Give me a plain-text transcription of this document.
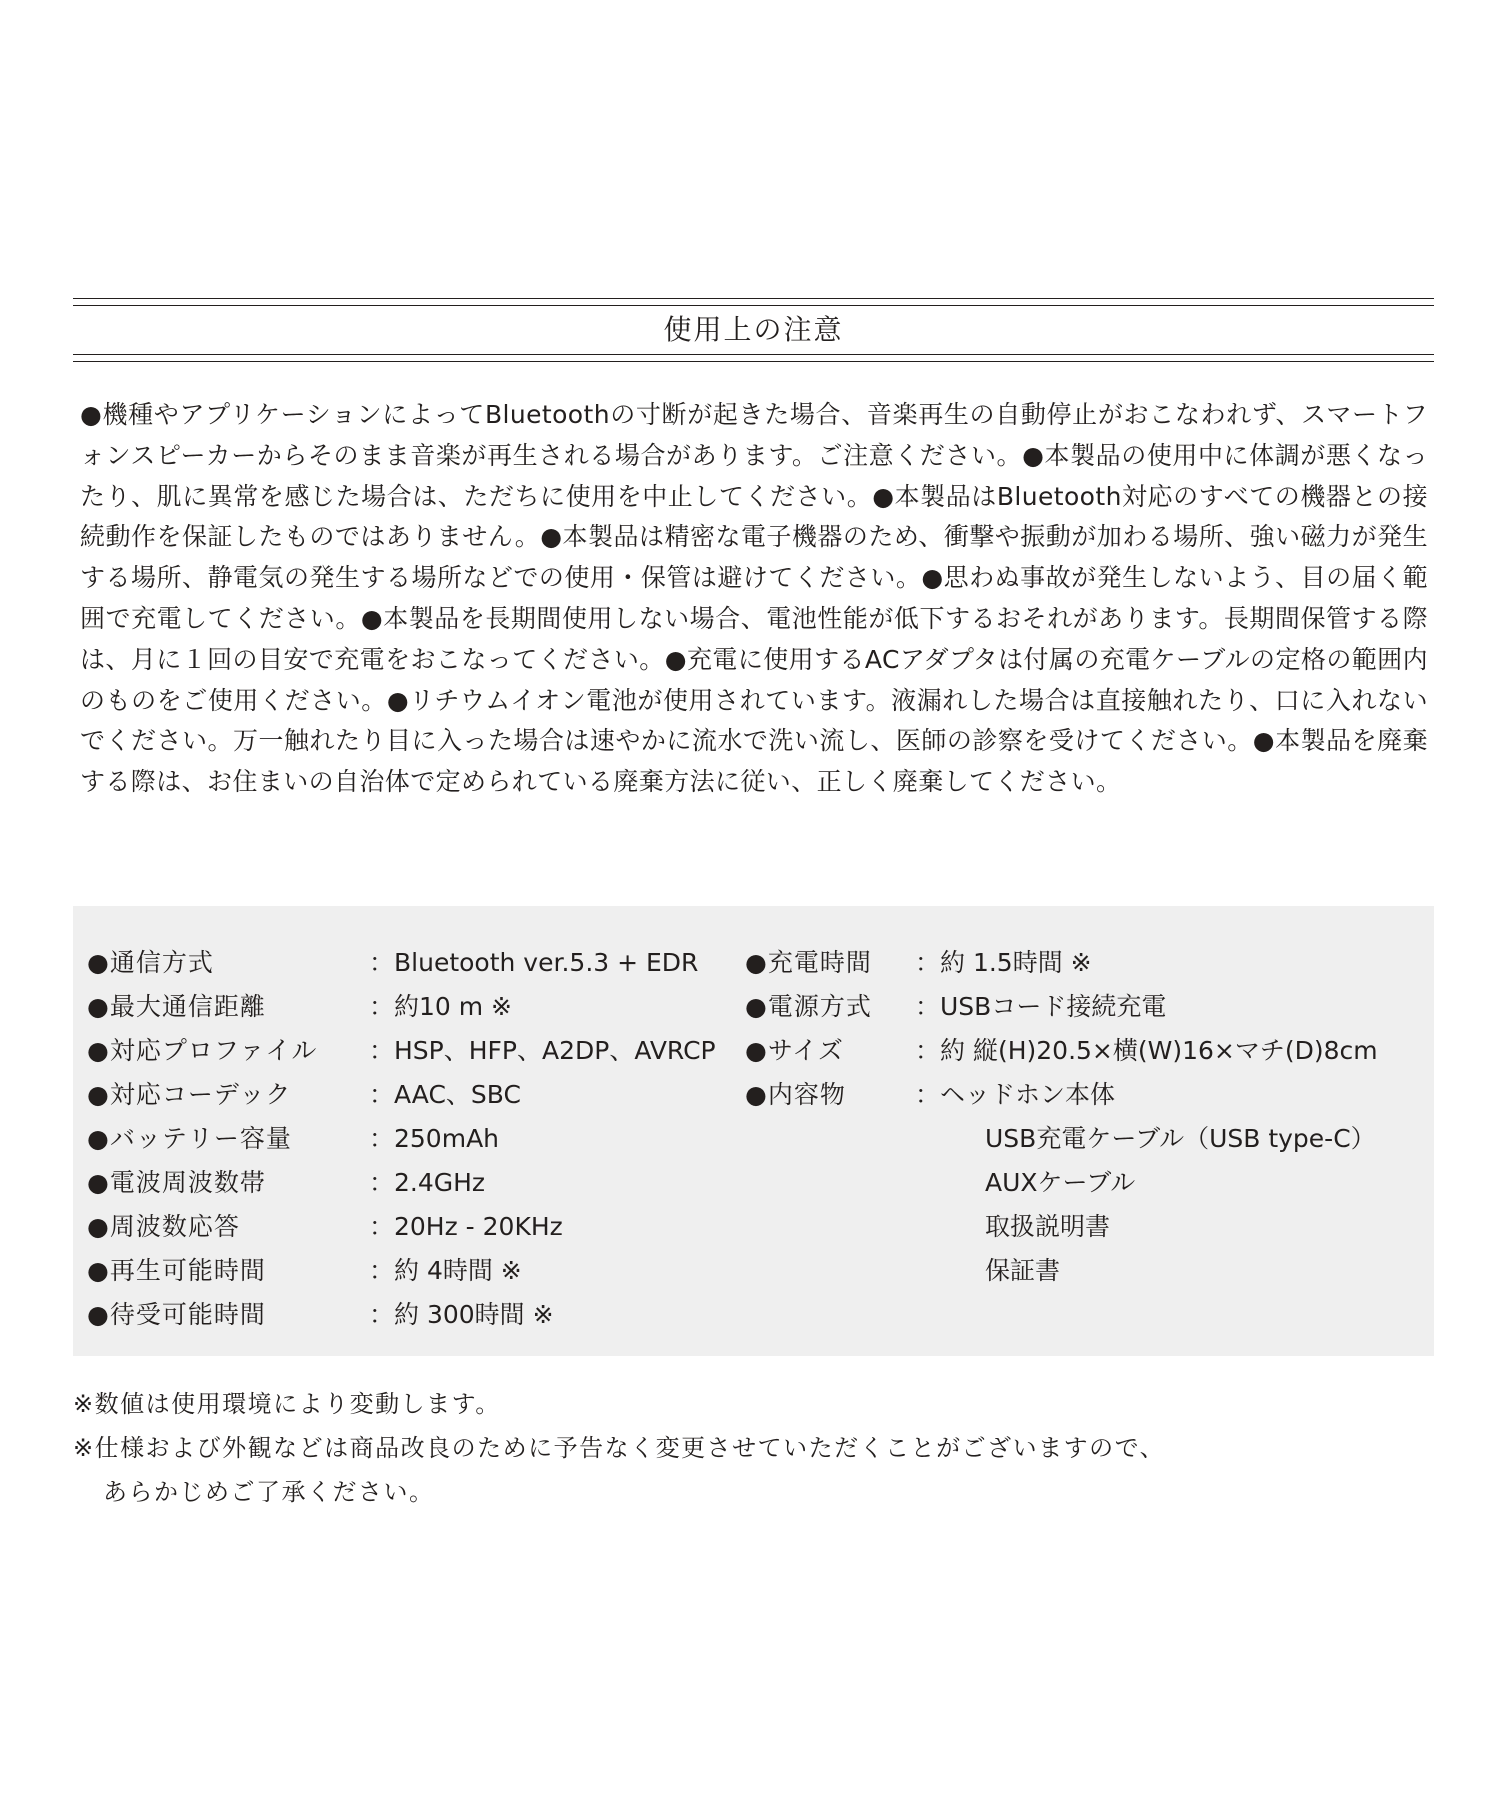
使用上の注意
●機種やアプリケーションによってBluetoothの寸断が起きた場合、音楽再生の自動停止がおこなわれず、スマートフォンスピーカーからそのまま音楽が再生される場合があります。ご注意ください。●本製品の使用中に体調が悪くなったり、肌に異常を感じた場合は、ただちに使用を中止してください。●本製品はBluetooth対応のすべての機器との接続動作を保証したものではありません。●本製品は精密な電子機器のため、衝撃や振動が加わる場所、強い磁力が発生する場所、静電気の発生する場所などでの使用・保管は避けてください。●思わぬ事故が発生しないよう、目の届く範囲で充電してください。●本製品を長期間使用しない場合、電池性能が低下するおそれがあります。長期間保管する際は、月に１回の目安で充電をおこなってください。●充電に使用するACアダプタは付属の充電ケーブルの定格の範囲内のものをご使用ください。●リチウムイオン電池が使用されています。液漏れした場合は直接触れたり、口に入れないでください。万一触れたり目に入った場合は速やかに流水で洗い流し、医師の診察を受けてください。●本製品を廃棄する際は、お住まいの自治体で定められている廃棄方法に従い、正しく廃棄してください。
●通信方式	：Bluetooth ver.5.3 + EDR
●最大通信距離	：約10 m ※
●対応プロファイル ：HSP、HFP、A2DP、AVRCP
●対応コーデック	：AAC、SBC
●バッテリー容量	：250mAh
●電波周波数帯	：2.4GHz
●周波数応答	：20Hz - 20KHz
●再生可能時間	：約 4時間 ※
●待受可能時間	：約 300時間 ※
●充電時間 ：約 1.5時間 ※
●電源方式 ：USBコード接続充電
●サイズ	：約 縦(H)20.5×横(W)16×マチ(D)8cm
●内容物	：ヘッドホン本体
USB充電ケーブル（USB type-C）
AUXケーブル
取扱説明書
保証書
※数値は使用環境により変動します。
※仕様および外観などは商品改良のために予告なく変更させていただくことがございますので、
あらかじめご了承ください。
